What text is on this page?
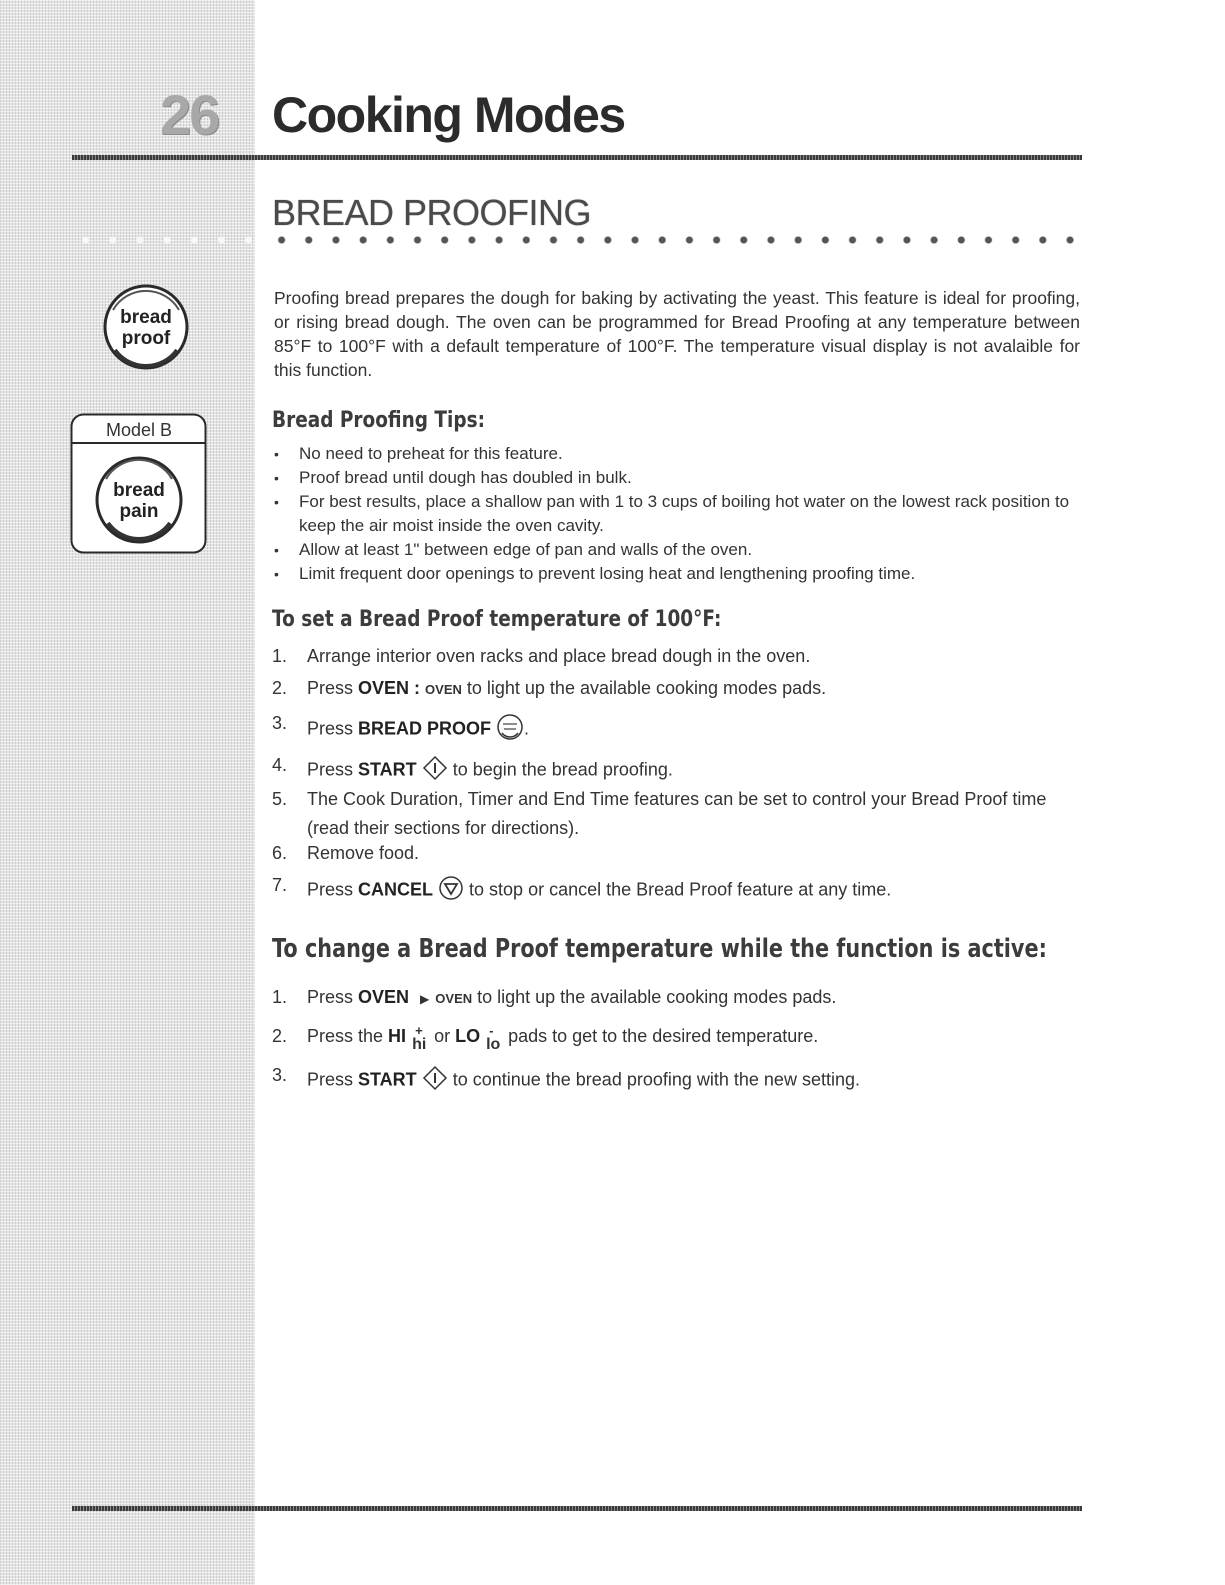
26	Cooking Modes
BREAD PROOFING
bread
proof
Model B
bread
pain

Proofing bread prepares the dough for baking by activating the yeast. This feature is ideal for proofing, or rising bread dough. The oven can be programmed for Bread Proofing at any temperature between 85°F to 100°F with a default temperature of 100°F. The temperature visual display is not avalaible for this function.

Bread Proofing Tips:
• No need to preheat for this feature.
• Proof bread until dough has doubled in bulk.
• For best results, place a shallow pan with 1 to 3 cups of boiling hot water on the lowest rack position to keep the air moist inside the oven cavity.
• Allow at least 1" between edge of pan and walls of the oven.
• Limit frequent door openings to prevent losing heat and lengthening proofing time.
To set a Bread Proof temperature of 100°F:
1. Arrange interior oven racks and place bread dough in the oven.
2. Press OVEN : OVEN to light up the available cooking modes pads.
3. Press BREAD PROOF .
4. Press START  to begin the bread proofing.
5. The Cook Duration, Timer and End Time features can be set to control your Bread Proof time (read their sections for directions).
6. Remove food.
7. Press CANCEL  to stop or cancel the Bread Proof feature at any time.
To change a Bread Proof temperature while the function is active:
1. Press OVEN ▶ OVEN to light up the available cooking modes pads.
2. Press the HI +
hi or LO -
lo pads to get to the desired temperature.
3. Press START  to continue the bread proofing with the new setting.
